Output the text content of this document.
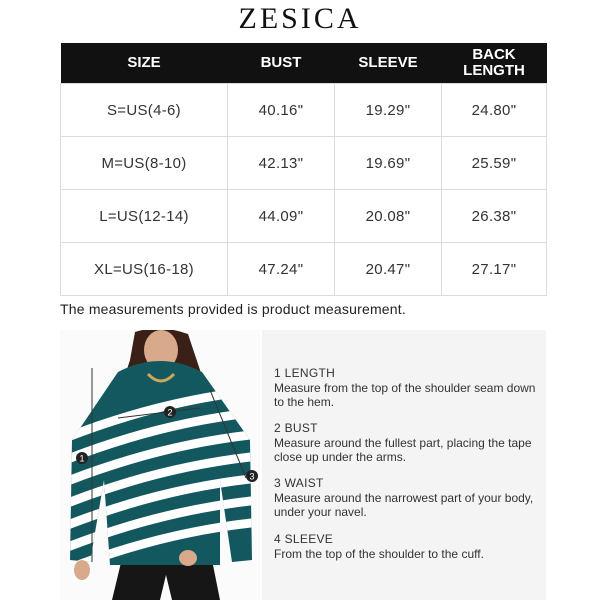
ZESICA
SIZE	BUST	SLEEVE	BACK
LENGTH
S=US(4-6)	40.16"	19.29"	24.80"
M=US(8-10)	42.13"	19.69"	25.59"
L=US(12-14)	44.09"	20.08"	26.38"
XL=US(16-18)	47.24"	20.47"	27.17"
The measurements provided is product measurement.
1
2
3
1 LENGTH
Measure from the top of the shoulder seam down to the hem.
2 BUST
Measure around the fullest part, placing the tape close up under the arms.
3 WAIST
Measure around the narrowest part of your body, under your navel.
4 SLEEVE
From the top of the shoulder to the cuff.
